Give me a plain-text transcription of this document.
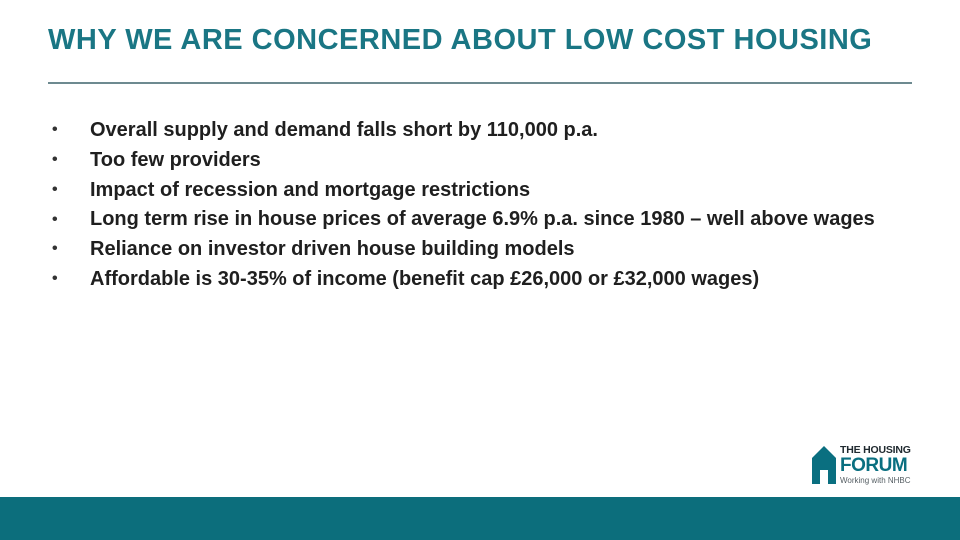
WHY WE ARE CONCERNED ABOUT LOW COST HOUSING
• Overall supply and demand falls short by 110,000 p.a.
• Too few providers
• Impact of recession and mortgage restrictions
• Long term rise in house prices of average 6.9% p.a. since 1980 – well above wages
• Reliance on investor driven house building models
• Affordable is 30-35% of income (benefit cap £26,000 or £32,000 wages)
THE HOUSING
FORUM
Working with NHBC
